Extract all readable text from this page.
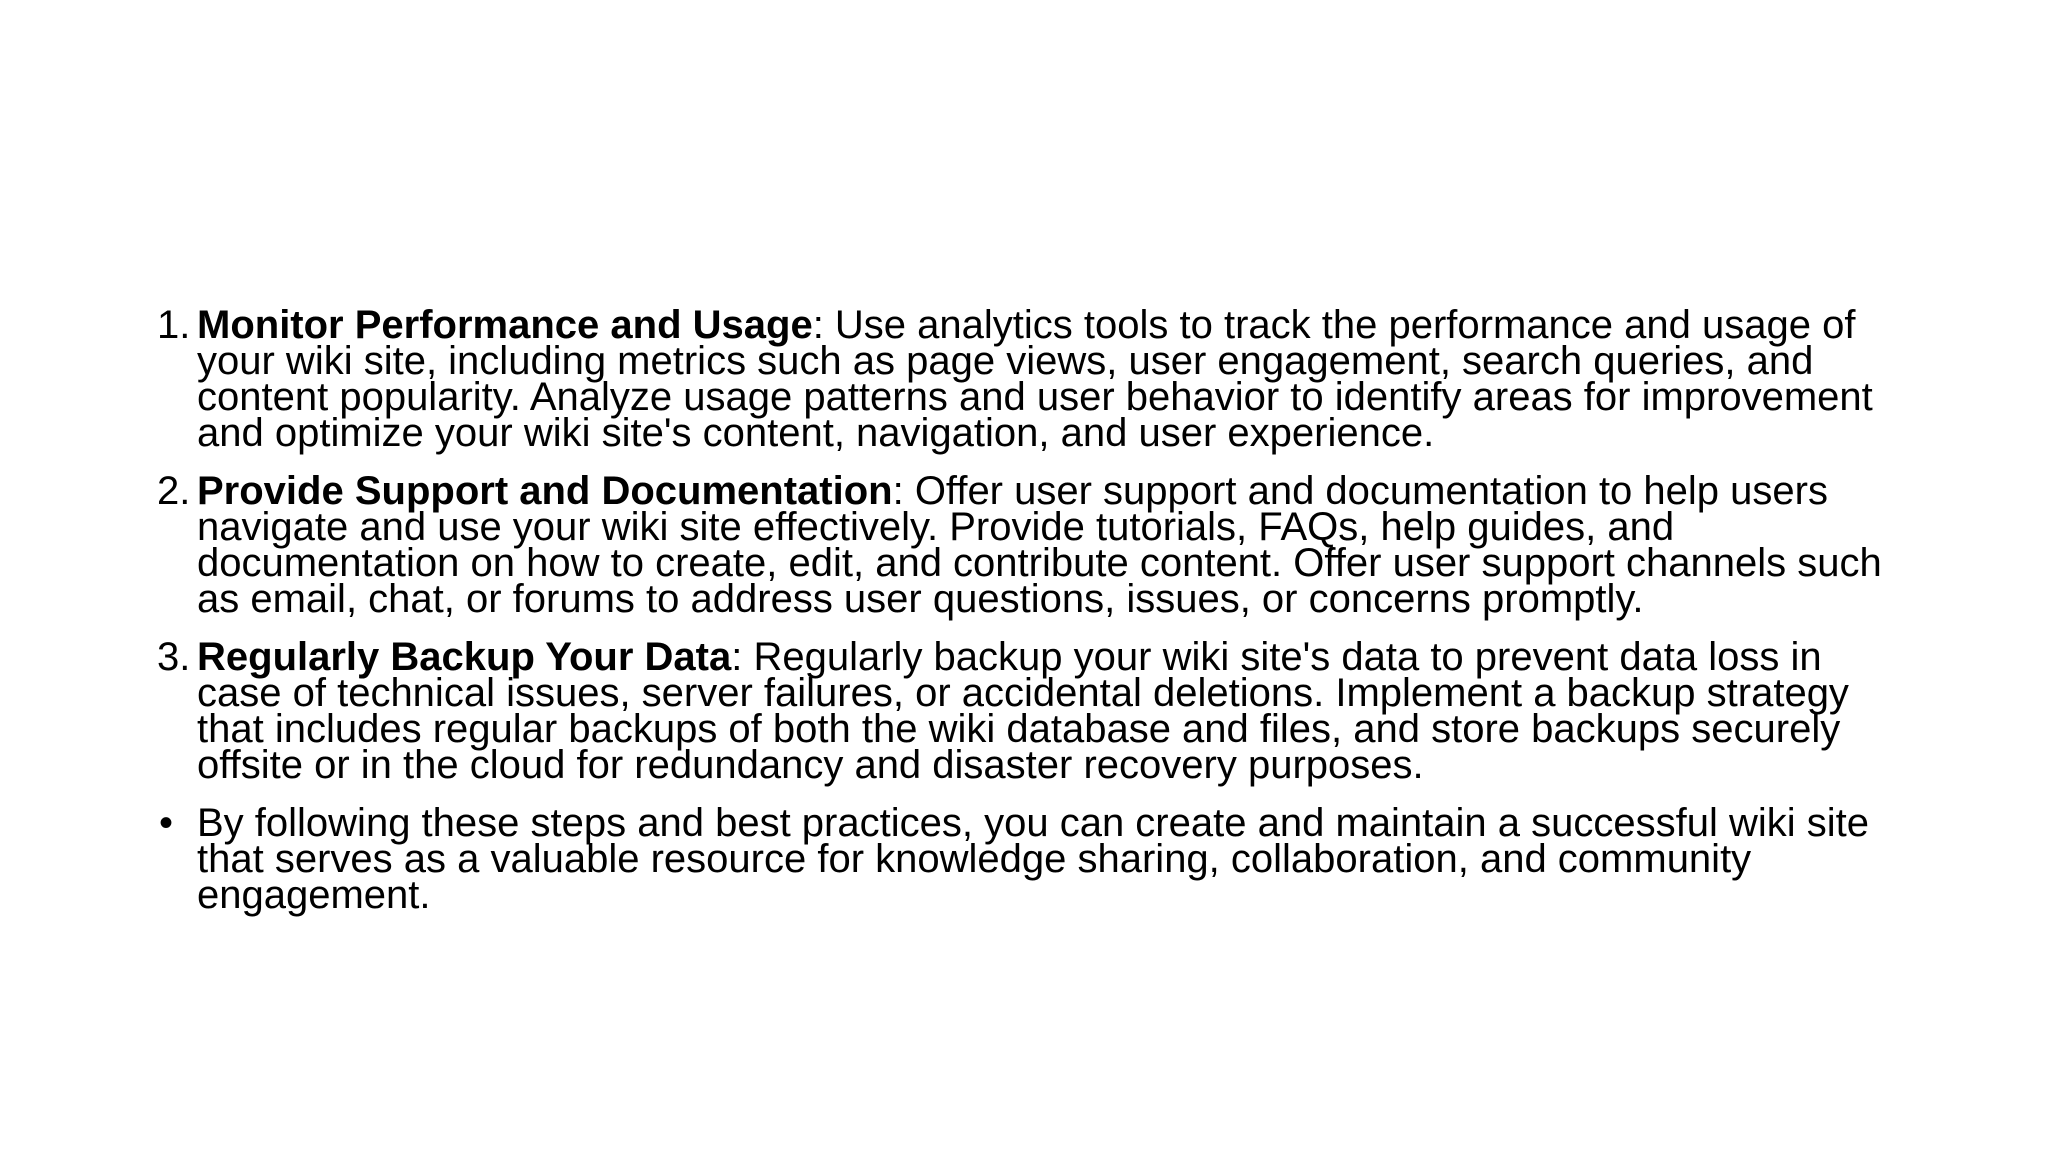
1. Monitor Performance and Usage: Use analytics tools to track the performance and usage of your wiki site, including metrics such as page views, user engagement, search queries, and content popularity. Analyze usage patterns and user behavior to identify areas for improvement and optimize your wiki site's content, navigation, and user experience.
2. Provide Support and Documentation: Offer user support and documentation to help users navigate and use your wiki site effectively. Provide tutorials, FAQs, help guides, and documentation on how to create, edit, and contribute content. Offer user support channels such as email, chat, or forums to address user questions, issues, or concerns promptly.
3. Regularly Backup Your Data: Regularly backup your wiki site's data to prevent data loss in case of technical issues, server failures, or accidental deletions. Implement a backup strategy that includes regular backups of both the wiki database and files, and store backups securely offsite or in the cloud for redundancy and disaster recovery purposes.
• By following these steps and best practices, you can create and maintain a successful wiki site that serves as a valuable resource for knowledge sharing, collaboration, and community engagement.
